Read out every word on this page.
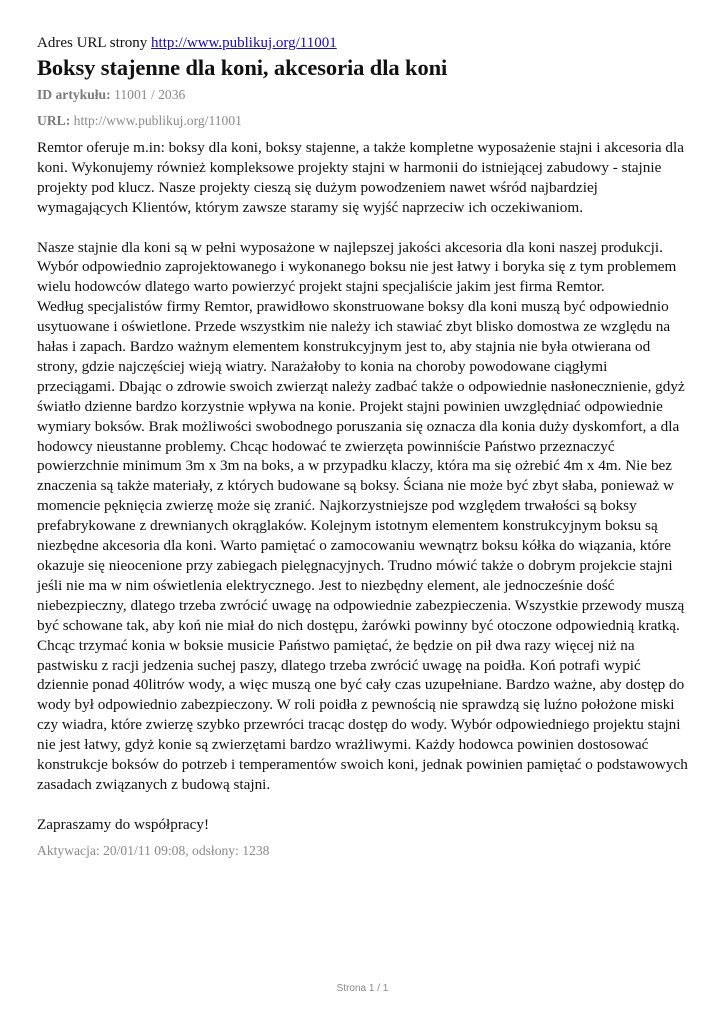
Adres URL strony http://www.publikuj.org/11001

Boksy stajenne dla koni, akcesoria dla koni

ID artykułu: 11001 / 2036

URL: http://www.publikuj.org/11001

Remtor oferuje m.in: boksy dla koni, boksy stajenne, a także kompletne wyposażenie stajni i akcesoria dla koni. Wykonujemy również kompleksowe projekty stajni w harmonii do istniejącej zabudowy - stajnie projekty pod klucz. Nasze projekty cieszą się dużym powodzeniem nawet wśród najbardziej wymagających Klientów, którym zawsze staramy się wyjść naprzeciw ich oczekiwaniom.

Nasze stajnie dla koni są w pełni wyposażone w najlepszej jakości akcesoria dla koni naszej produkcji. Wybór odpowiednio zaprojektowanego i wykonanego boksu nie jest łatwy i boryka się z tym problemem wielu hodowców dlatego warto powierzyć projekt stajni specjaliście jakim jest firma Remtor.

Według specjalistów firmy Remtor, prawidłowo skonstruowane boksy dla koni muszą być odpowiednio usytuowane i oświetlone. Przede wszystkim nie należy ich stawiać zbyt blisko domostwa ze względu na hałas i zapach. Bardzo ważnym elementem konstrukcyjnym jest to, aby stajnia nie była otwierana od strony, gdzie najczęściej wieją wiatry. Narażałoby to konia na choroby powodowane ciągłymi przeciągami. Dbając o zdrowie swoich zwierząt należy zadbać także o odpowiednie nasłonecznienie, gdyż światło dzienne bardzo korzystnie wpływa na konie. Projekt stajni powinien uwzględniać odpowiednie wymiary boksów. Brak możliwości swobodnego poruszania się oznacza dla konia duży dyskomfort, a dla hodowcy nieustanne problemy. Chcąc hodować te zwierzęta powinniście Państwo przeznaczyć powierzchnie minimum 3m x 3m na boks, a w przypadku klaczy, która ma się ożrebić 4m x 4m. Nie bez znaczenia są także materiały, z których budowane są boksy. Ściana nie może być zbyt słaba, ponieważ w momencie pęknięcia zwierzę może się zranić. Najkorzystniejsze pod względem trwałości są boksy prefabrykowane z drewnianych okrąglaków. Kolejnym istotnym elementem konstrukcyjnym boksu są niezbędne akcesoria dla koni. Warto pamiętać o zamocowaniu wewnątrz boksu kółka do wiązania, które okazuje się nieocenione przy zabiegach pielęgnacyjnych. Trudno mówić także o dobrym projekcie stajni jeśli nie ma w nim oświetlenia elektrycznego. Jest to niezbędny element, ale jednocześnie dość niebezpieczny, dlatego trzeba zwrócić uwagę na odpowiednie zabezpieczenia. Wszystkie przewody muszą być schowane tak, aby koń nie miał do nich dostępu, żarówki powinny być otoczone odpowiednią kratką. Chcąc trzymać konia w boksie musicie Państwo pamiętać, że będzie on pił dwa razy więcej niż na pastwisku z racji jedzenia suchej paszy, dlatego trzeba zwrócić uwagę na poidła. Koń potrafi wypić dziennie ponad 40litrów wody, a więc muszą one być cały czas uzupełniane. Bardzo ważne, aby dostęp do wody był odpowiednio zabezpieczony. W roli poidła z pewnością nie sprawdzą się luźno położone miski czy wiadra, które zwierzę szybko przewróci tracąc dostęp do wody. Wybór odpowiedniego projektu stajni nie jest łatwy, gdyż konie są zwierzętami bardzo wrażliwymi. Każdy hodowca powinien dostosować konstrukcje boksów do potrzeb i temperamentów swoich koni, jednak powinien pamiętać o podstawowych zasadach związanych z budową stajni.

Zapraszamy do współpracy!

Aktywacja: 20/01/11 09:08, odsłony: 1238

Strona 1 / 1
